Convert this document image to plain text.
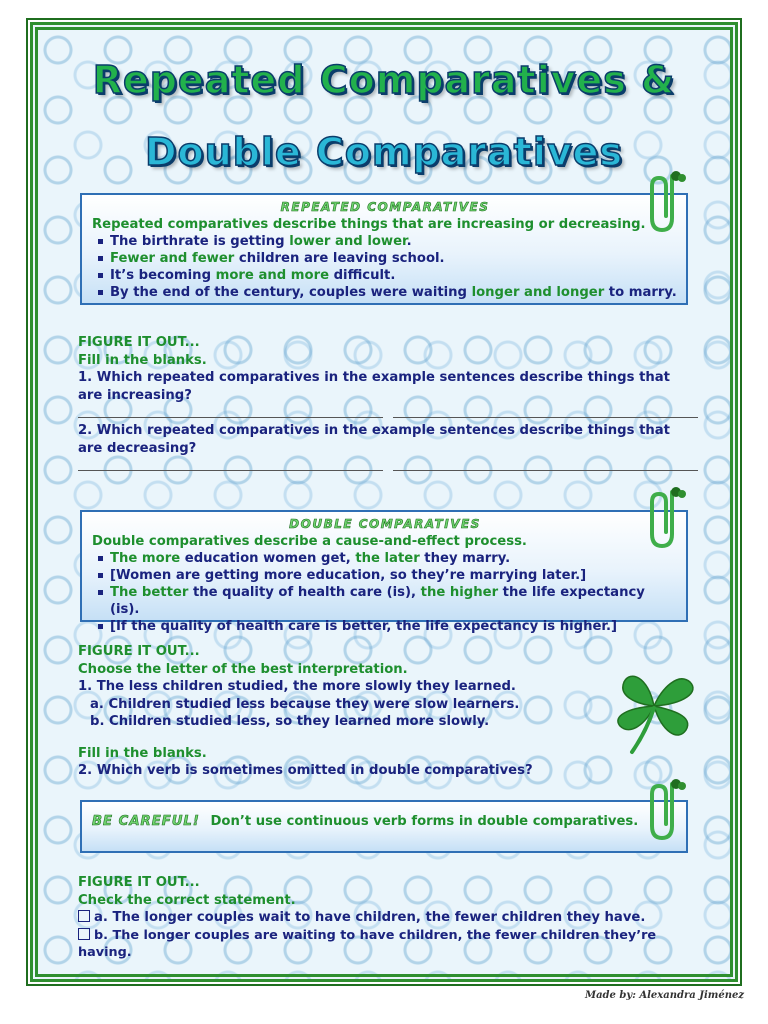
Repeated Comparatives &
Double Comparatives
REPEATED COMPARATIVES
Repeated comparatives describe things that are increasing or decreasing.
The birthrate is getting lower and lower.
Fewer and fewer children are leaving school.
It’s becoming more and more difficult.
By the end of the century, couples were waiting longer and longer to marry.
FIGURE IT OUT...
Fill in the blanks.
1. Which repeated comparatives in the example sentences describe things that are increasing?
2. Which repeated comparatives in the example sentences describe things that are decreasing?
DOUBLE COMPARATIVES
Double comparatives describe a cause-and-effect process.
The more education women get, the later they marry.
[Women are getting more education, so they’re marrying later.]
The better the quality of health care (is), the higher the life expectancy (is).
[If the quality of health care is better, the life expectancy is higher.]
FIGURE IT OUT...
Choose the letter of the best interpretation.
1. The less children studied, the more slowly they learned.
a. Children studied less because they were slow learners.
b. Children studied less, so they learned more slowly.
Fill in the blanks.
2. Which verb is sometimes omitted in double comparatives?
BE CAREFUL! Don’t use continuous verb forms in double comparatives.
FIGURE IT OUT...
Check the correct statement.
a. The longer couples wait to have children, the fewer children they have.
b. The longer couples are waiting to have children, the fewer children they’re having.
Made by: Alexandra Jiménez
